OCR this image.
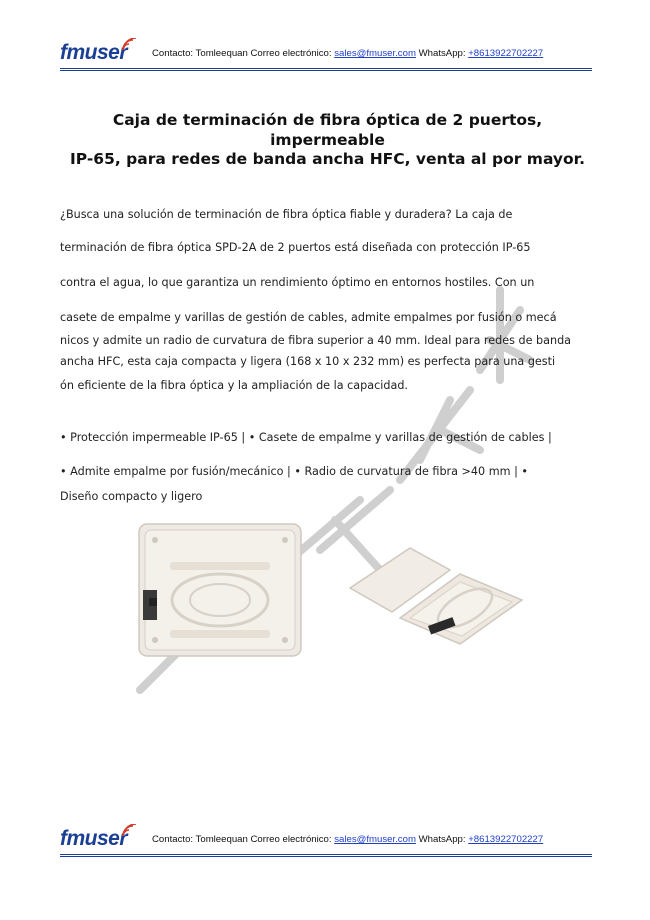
fmuser	Contacto: Tomleequan Correo electrónico: sales@fmuser.com WhatsApp: +8613922702227
Caja de terminación de fibra óptica de 2 puertos, impermeable
IP-65, para redes de banda ancha HFC, venta al por mayor.
¿Busca una solución de terminación de fibra óptica fiable y duradera? La caja de
terminación de fibra óptica SPD-2A de 2 puertos está diseñada con protección IP-65
contra el agua, lo que garantiza un rendimiento óptimo en entornos hostiles. Con un
casete de empalme y varillas de gestión de cables, admite empalmes por fusión o mecá
nicos y admite un radio de curvatura de fibra superior a 40 mm. Ideal para redes de banda
ancha HFC, esta caja compacta y ligera (168 x 10 x 232 mm) es perfecta para una gesti
ón eficiente de la fibra óptica y la ampliación de la capacidad.
• Protección impermeable IP-65 | • Casete de empalme y varillas de gestión de cables |
• Admite empalme por fusión/mecánico | • Radio de curvatura de fibra >40 mm | •
Diseño compacto y ligero
fmuser	Contacto: Tomleequan Correo electrónico: sales@fmuser.com WhatsApp: +8613922702227
